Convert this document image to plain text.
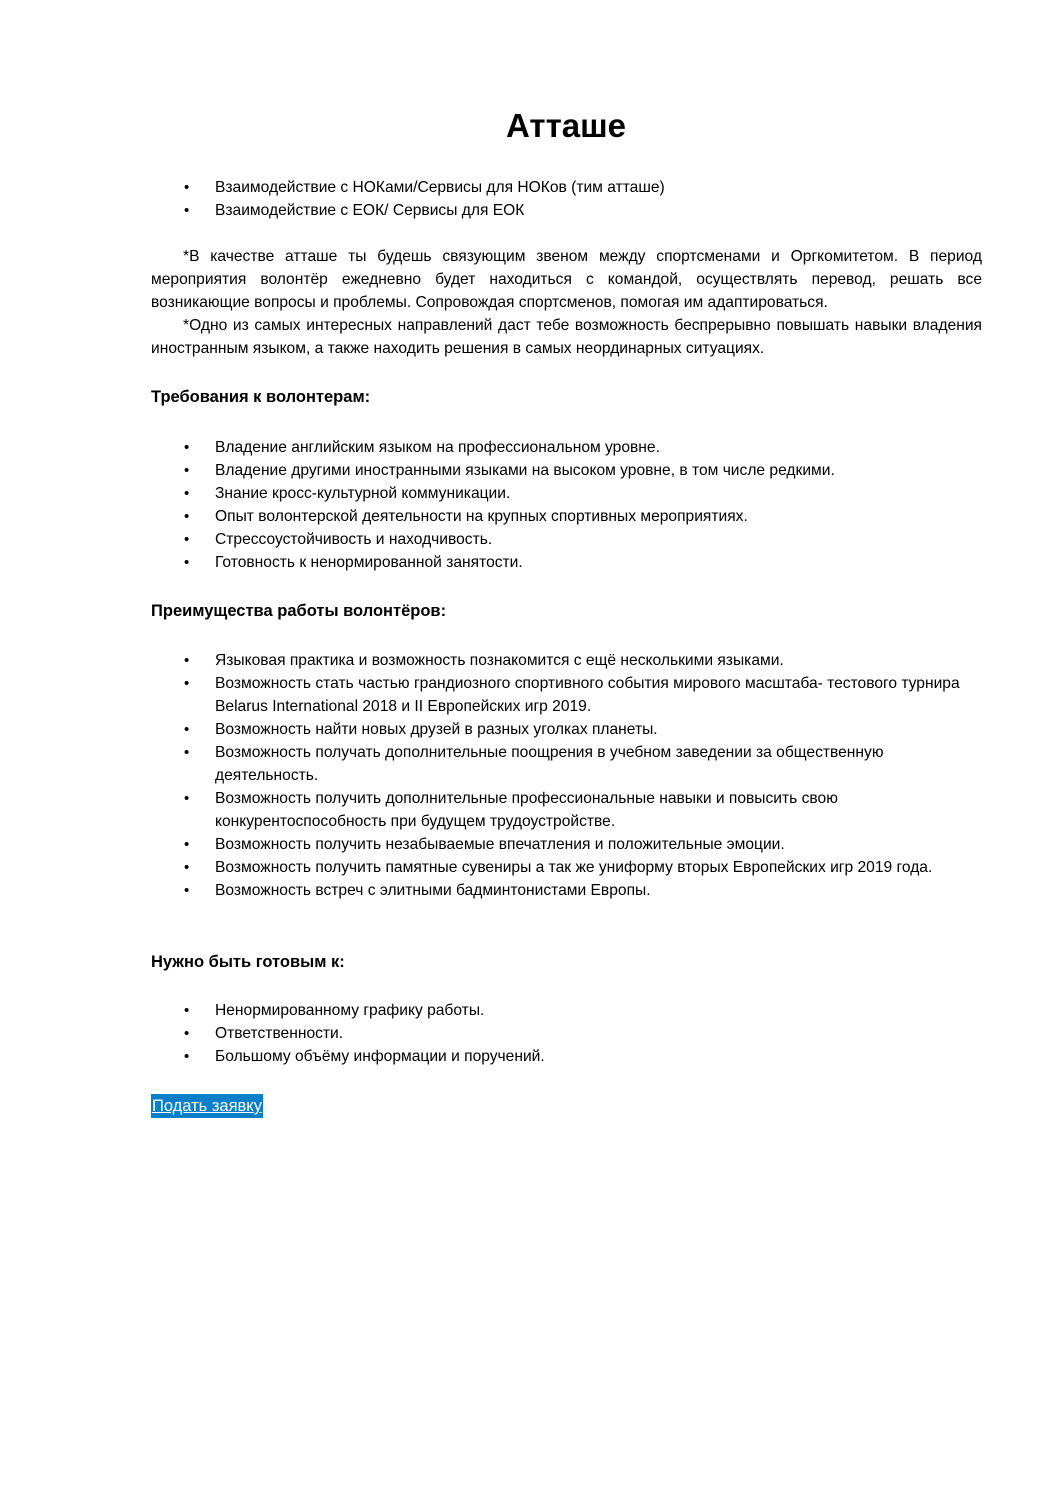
Атташе
• Взаимодействие с НОКами/Сервисы для НОКов (тим атташе)
• Взаимодействие с ЕОК/ Сервисы для ЕОК

*В качестве атташе ты будешь связующим звеном между спортсменами и Оргкомитетом. В период мероприятия волонтёр ежедневно будет находиться с командой, осуществлять перевод, решать все возникающие вопросы и проблемы. Сопровождая спортсменов, помогая им адаптироваться.

*Одно из самых интересных направлений даст тебе возможность беспрерывно повышать навыки владения иностранным языком, а также находить решения в самых неординарных ситуациях.

Требования к волонтерам:
• Владение английским языком на профессиональном уровне.
• Владение другими иностранными языками на высоком уровне, в том числе редкими.
• Знание кросс-культурной коммуникации.
• Опыт волонтерской деятельности на крупных спортивных мероприятиях.
• Стрессоустойчивость и находчивость.
• Готовность к ненормированной занятости.
Преимущества работы волонтёров:
• Языковая практика и возможность познакомится с ещё несколькими языками.
• Возможность стать частью грандиозного спортивного события мирового масштаба- тестового турнира Belarus International 2018 и II Европейских игр 2019.
• Возможность найти новых друзей в разных уголках планеты.
• Возможность получать дополнительные поощрения в учебном заведении за общественную деятельность.
• Возможность получить дополнительные профессиональные навыки и повысить свою конкурентоспособность при будущем трудоустройстве.
• Возможность получить незабываемые впечатления и положительные эмоции.
• Возможность получить памятные сувениры а так же униформу вторых Европейских игр 2019 года.
• Возможность встреч с элитными бадминтонистами Европы.
Нужно быть готовым к:
• Ненормированному графику работы.
• Ответственности.
• Большому объёму информации и поручений.
Подать заявку
